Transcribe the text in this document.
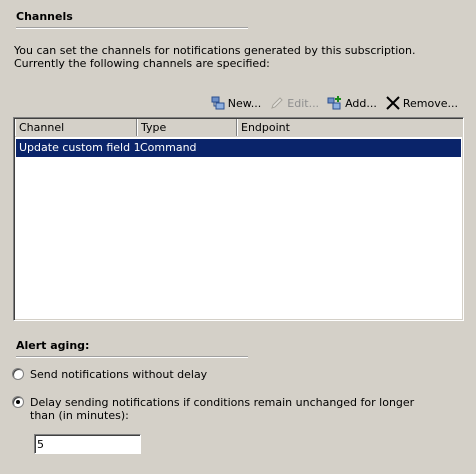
Channels
You can set the channels for notifications generated by this subscription. Currently the following channels are specified:
New... Edit... Add... Remove...
Channel	Type	Endpoint
Update custom field 1 Command
Alert aging:
Send notifications without delay
Delay sending notifications if conditions remain unchanged for longer than (in minutes):
5
